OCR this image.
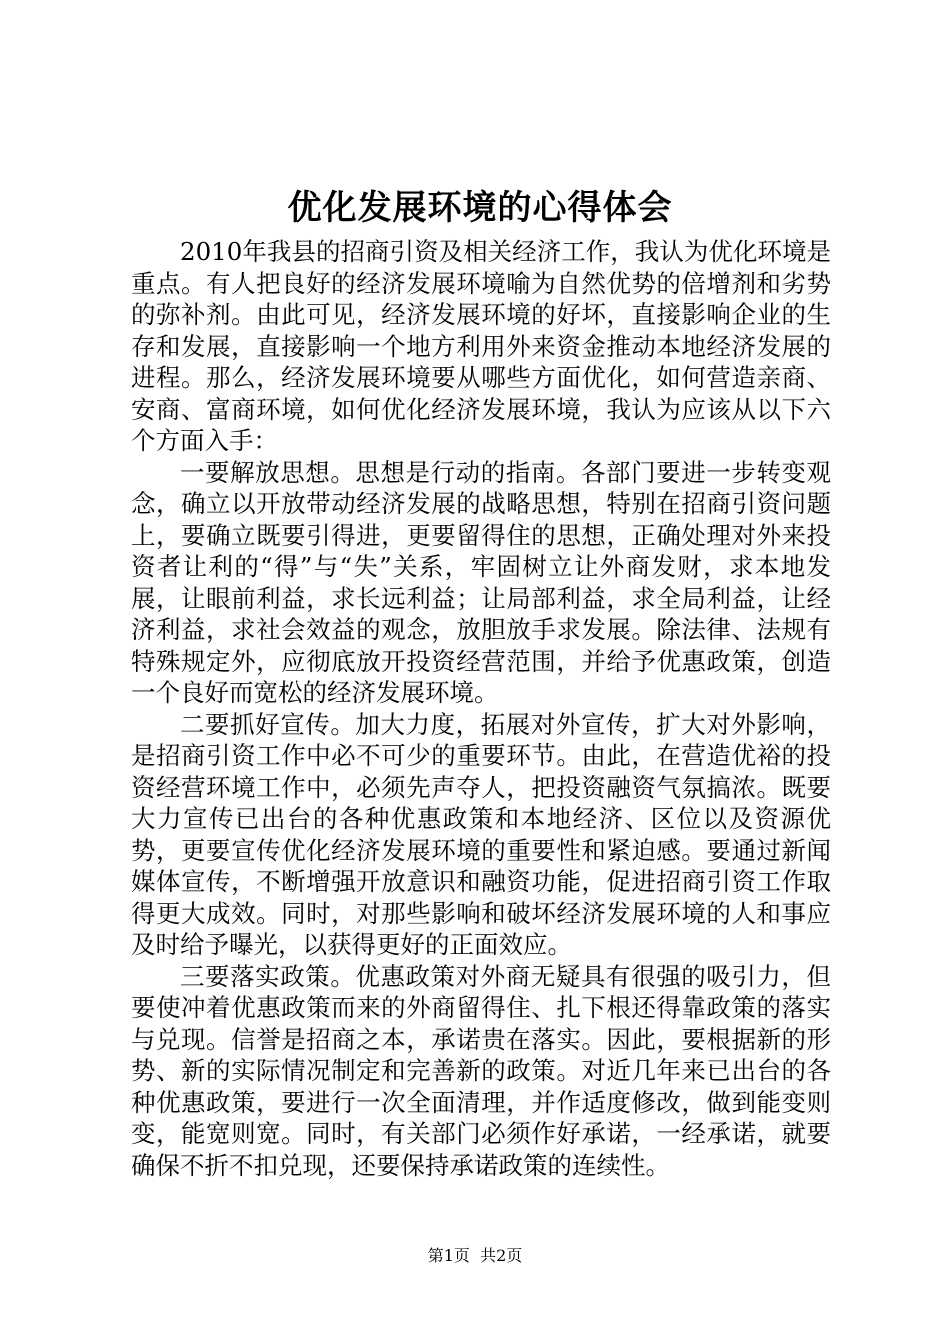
优化发展环境的心得体会

2010年我县的招商引资及相关经济工作，我认为优化环境是重点。有人把良好的经济发展环境喻为自然优势的倍增剂和劣势的弥补剂。由此可见，经济发展环境的好坏，直接影响企业的生存和发展，直接影响一个地方利用外来资金推动本地经济发展的进程。那么，经济发展环境要从哪些方面优化，如何营造亲商、安商、富商环境，如何优化经济发展环境，我认为应该从以下六个方面入手：

一要解放思想。思想是行动的指南。各部门要进一步转变观念，确立以开放带动经济发展的战略思想，特别在招商引资问题上，要确立既要引得进，更要留得住的思想，正确处理对外来投资者让利的“得”与“失”关系，牢固树立让外商发财，求本地发展，让眼前利益，求长远利益；让局部利益，求全局利益，让经济利益，求社会效益的观念，放胆放手求发展。除法律、法规有特殊规定外，应彻底放开投资经营范围，并给予优惠政策，创造一个良好而宽松的经济发展环境。

二要抓好宣传。加大力度，拓展对外宣传，扩大对外影响，是招商引资工作中必不可少的重要环节。由此，在营造优裕的投资经营环境工作中，必须先声夺人，把投资融资气氛搞浓。既要大力宣传已出台的各种优惠政策和本地经济、区位以及资源优势，更要宣传优化经济发展环境的重要性和紧迫感。要通过新闻媒体宣传，不断增强开放意识和融资功能，促进招商引资工作取得更大成效。同时，对那些影响和破坏经济发展环境的人和事应及时给予曝光，以获得更好的正面效应。

三要落实政策。优惠政策对外商无疑具有很强的吸引力，但要使冲着优惠政策而来的外商留得住、扎下根还得靠政策的落实与兑现。信誉是招商之本，承诺贵在落实。因此，要根据新的形势、新的实际情况制定和完善新的政策。对近几年来已出台的各种优惠政策，要进行一次全面清理，并作适度修改，做到能变则变，能宽则宽。同时，有关部门必须作好承诺，一经承诺，就要确保不折不扣兑现，还要保持承诺政策的连续性。

第1页 共2页
